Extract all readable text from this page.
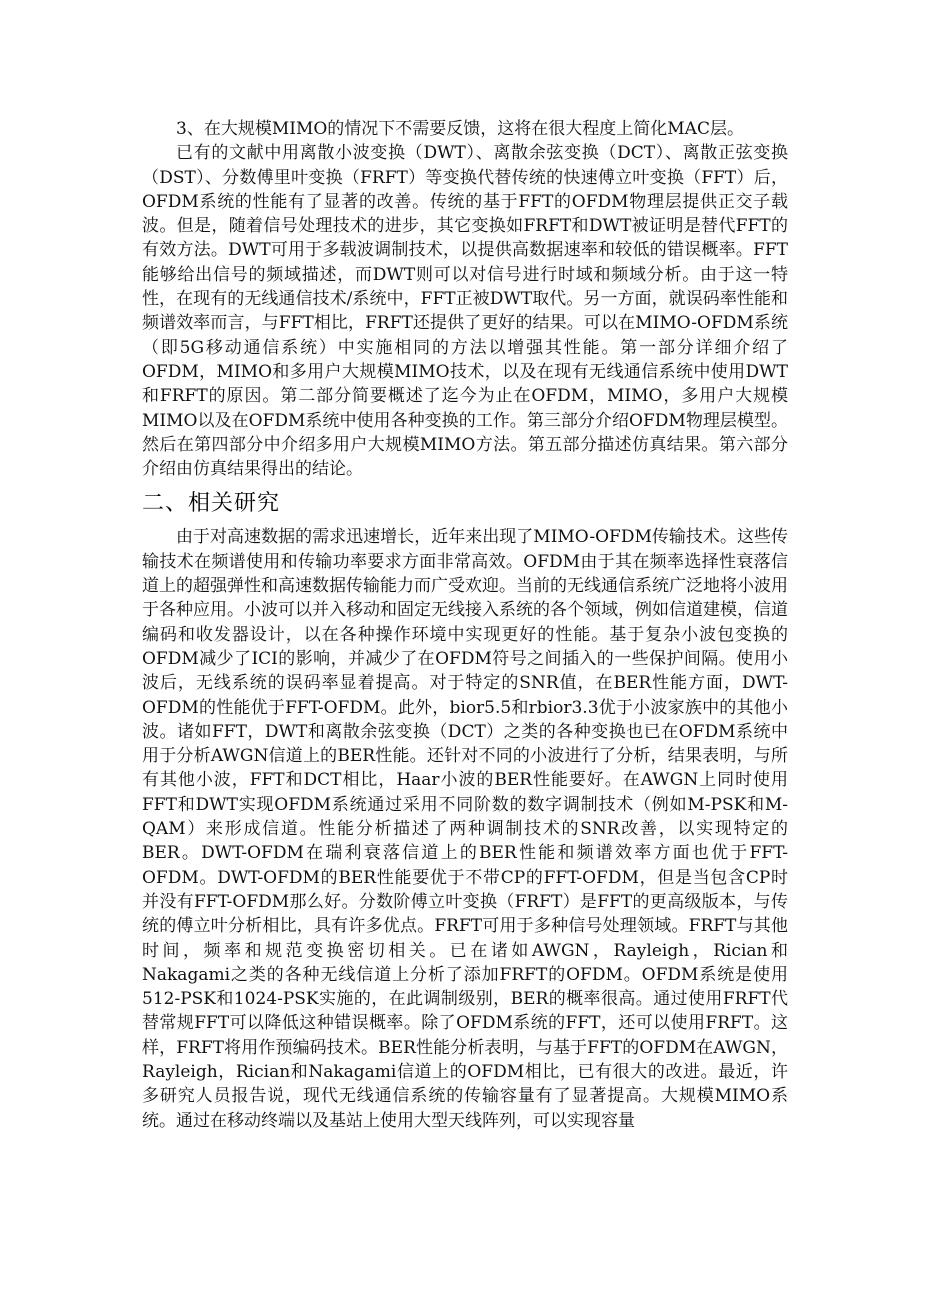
3、在大规模MIMO的情况下不需要反馈，这将在很大程度上简化MAC层。

已有的文献中用离散小波变换（DWT）、离散余弦变换（DCT）、离散正弦变换（DST）、分数傅里叶变换（FRFT）等变换代替传统的快速傅立叶变换（FFT）后，OFDM系统的性能有了显著的改善。传统的基于FFT的OFDM物理层提供正交子载波。但是，随着信号处理技术的进步，其它变换如FRFT和DWT被证明是替代FFT的有效方法。DWT可用于多载波调制技术，以提供高数据速率和较低的错误概率。FFT能够给出信号的频域描述，而DWT则可以对信号进行时域和频域分析。由于这一特性，在现有的无线通信技术/系统中，FFT正被DWT取代。另一方面，就误码率性能和频谱效率而言，与FFT相比，FRFT还提供了更好的结果。可以在MIMO-OFDM系统（即5G移动通信系统）中实施相同的方法以增强其性能。第一部分详细介绍了OFDM，MIMO和多用户大规模MIMO技术，以及在现有无线通信系统中使用DWT和FRFT的原因。第二部分简要概述了迄今为止在OFDM，MIMO，多用户大规模MIMO以及在OFDM系统中使用各种变换的工作。第三部分介绍OFDM物理层模型。然后在第四部分中介绍多用户大规模MIMO方法。第五部分描述仿真结果。第六部分介绍由仿真结果得出的结论。

二、相关研究

由于对高速数据的需求迅速增长，近年来出现了MIMO-OFDM传输技术。这些传输技术在频谱使用和传输功率要求方面非常高效。OFDM由于其在频率选择性衰落信道上的超强弹性和高速数据传输能力而广受欢迎。当前的无线通信系统广泛地将小波用于各种应用。小波可以并入移动和固定无线接入系统的各个领域，例如信道建模，信道编码和收发器设计，以在各种操作环境中实现更好的性能。基于复杂小波包变换的OFDM减少了ICI的影响，并减少了在OFDM符号之间插入的一些保护间隔。使用小波后，无线系统的误码率显着提高。对于特定的SNR值，在BER性能方面，DWT-OFDM的性能优于FFT-OFDM。此外，bior5.5和rbior3.3优于小波家族中的其他小波。诸如FFT，DWT和离散余弦变换（DCT）之类的各种变换也已在OFDM系统中用于分析AWGN信道上的BER性能。还针对不同的小波进行了分析，结果表明，与所有其他小波，FFT和DCT相比，Haar小波的BER性能要好。在AWGN上同时使用FFT和DWT实现OFDM系统通过采用不同阶数的数字调制技术（例如M-PSK和M-QAM）来形成信道。性能分析描述了两种调制技术的SNR改善，以实现特定的BER。DWT-OFDM在瑞利衰落信道上的BER性能和频谱效率方面也优于FFT-OFDM。DWT-OFDM的BER性能要优于不带CP的FFT-OFDM，但是当包含CP时并没有FFT-OFDM那么好。分数阶傅立叶变换（FRFT）是FFT的更高级版本，与传统的傅立叶分析相比，具有许多优点。FRFT可用于多种信号处理领域。FRFT与其他时间，频率和规范变换密切相关。已在诸如AWGN，Rayleigh，Rician和Nakagami之类的各种无线信道上分析了添加FRFT的OFDM。OFDM系统是使用512-PSK和1024-PSK实施的，在此调制级别，BER的概率很高。通过使用FRFT代替常规FFT可以降低这种错误概率。除了OFDM系统的FFT，还可以使用FRFT。这样，FRFT将用作预编码技术。BER性能分析表明，与基于FFT的OFDM在AWGN，Rayleigh，Rician和Nakagami信道上的OFDM相比，已有很大的改进。最近，许多研究人员报告说，现代无线通信系统的传输容量有了显著提高。大规模MIMO系统。通过在移动终端以及基站上使用大型天线阵列，可以实现容量
